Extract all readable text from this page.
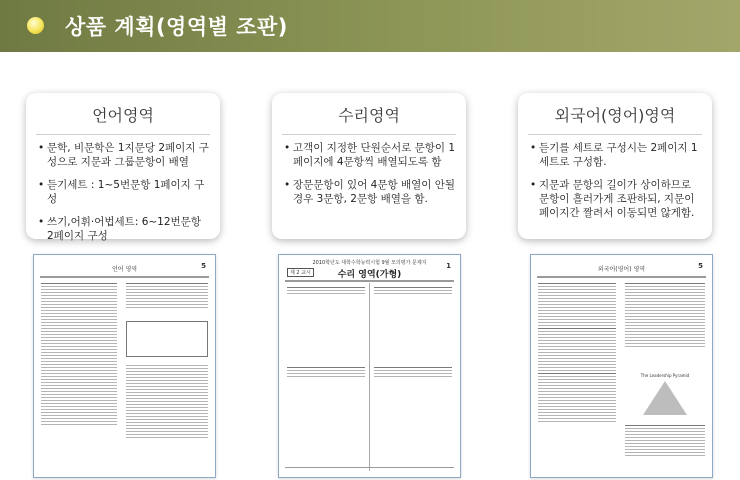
상품 계획(영역별 조판)
언어영역
• 문학, 비문학은 1지문당 2페이지 구성으로 지문과 그룹문항이 배열
• 듣기세트 : 1~5번문항 1페이지 구성
• 쓰기,어휘·어법세트: 6~12번문항 2페이지 구성
수리영역
• 고객이 지정한 단원순서로 문항이 1페이지에 4문항씩 배열되도록 함
• 장문문항이 있어 4문항 배열이 안될 경우 3문항, 2문항 배열을 함.
외국어(영어)영역
• 듣기를 세트로 구성시는 2페이지 1세트로 구성함.
• 지문과 문항의 길이가 상이하므로 문항이 흘러가게 조판하되, 지문이 페이지간 짤려서 이동되면 않게함.
언어 영역	5	2010학년도 대학수학능력시험 9월 모의평가 문제지	1
제 2 교시	수리 영역(가형)
외국어(영어) 영역	5
The Leadership Pyramid
